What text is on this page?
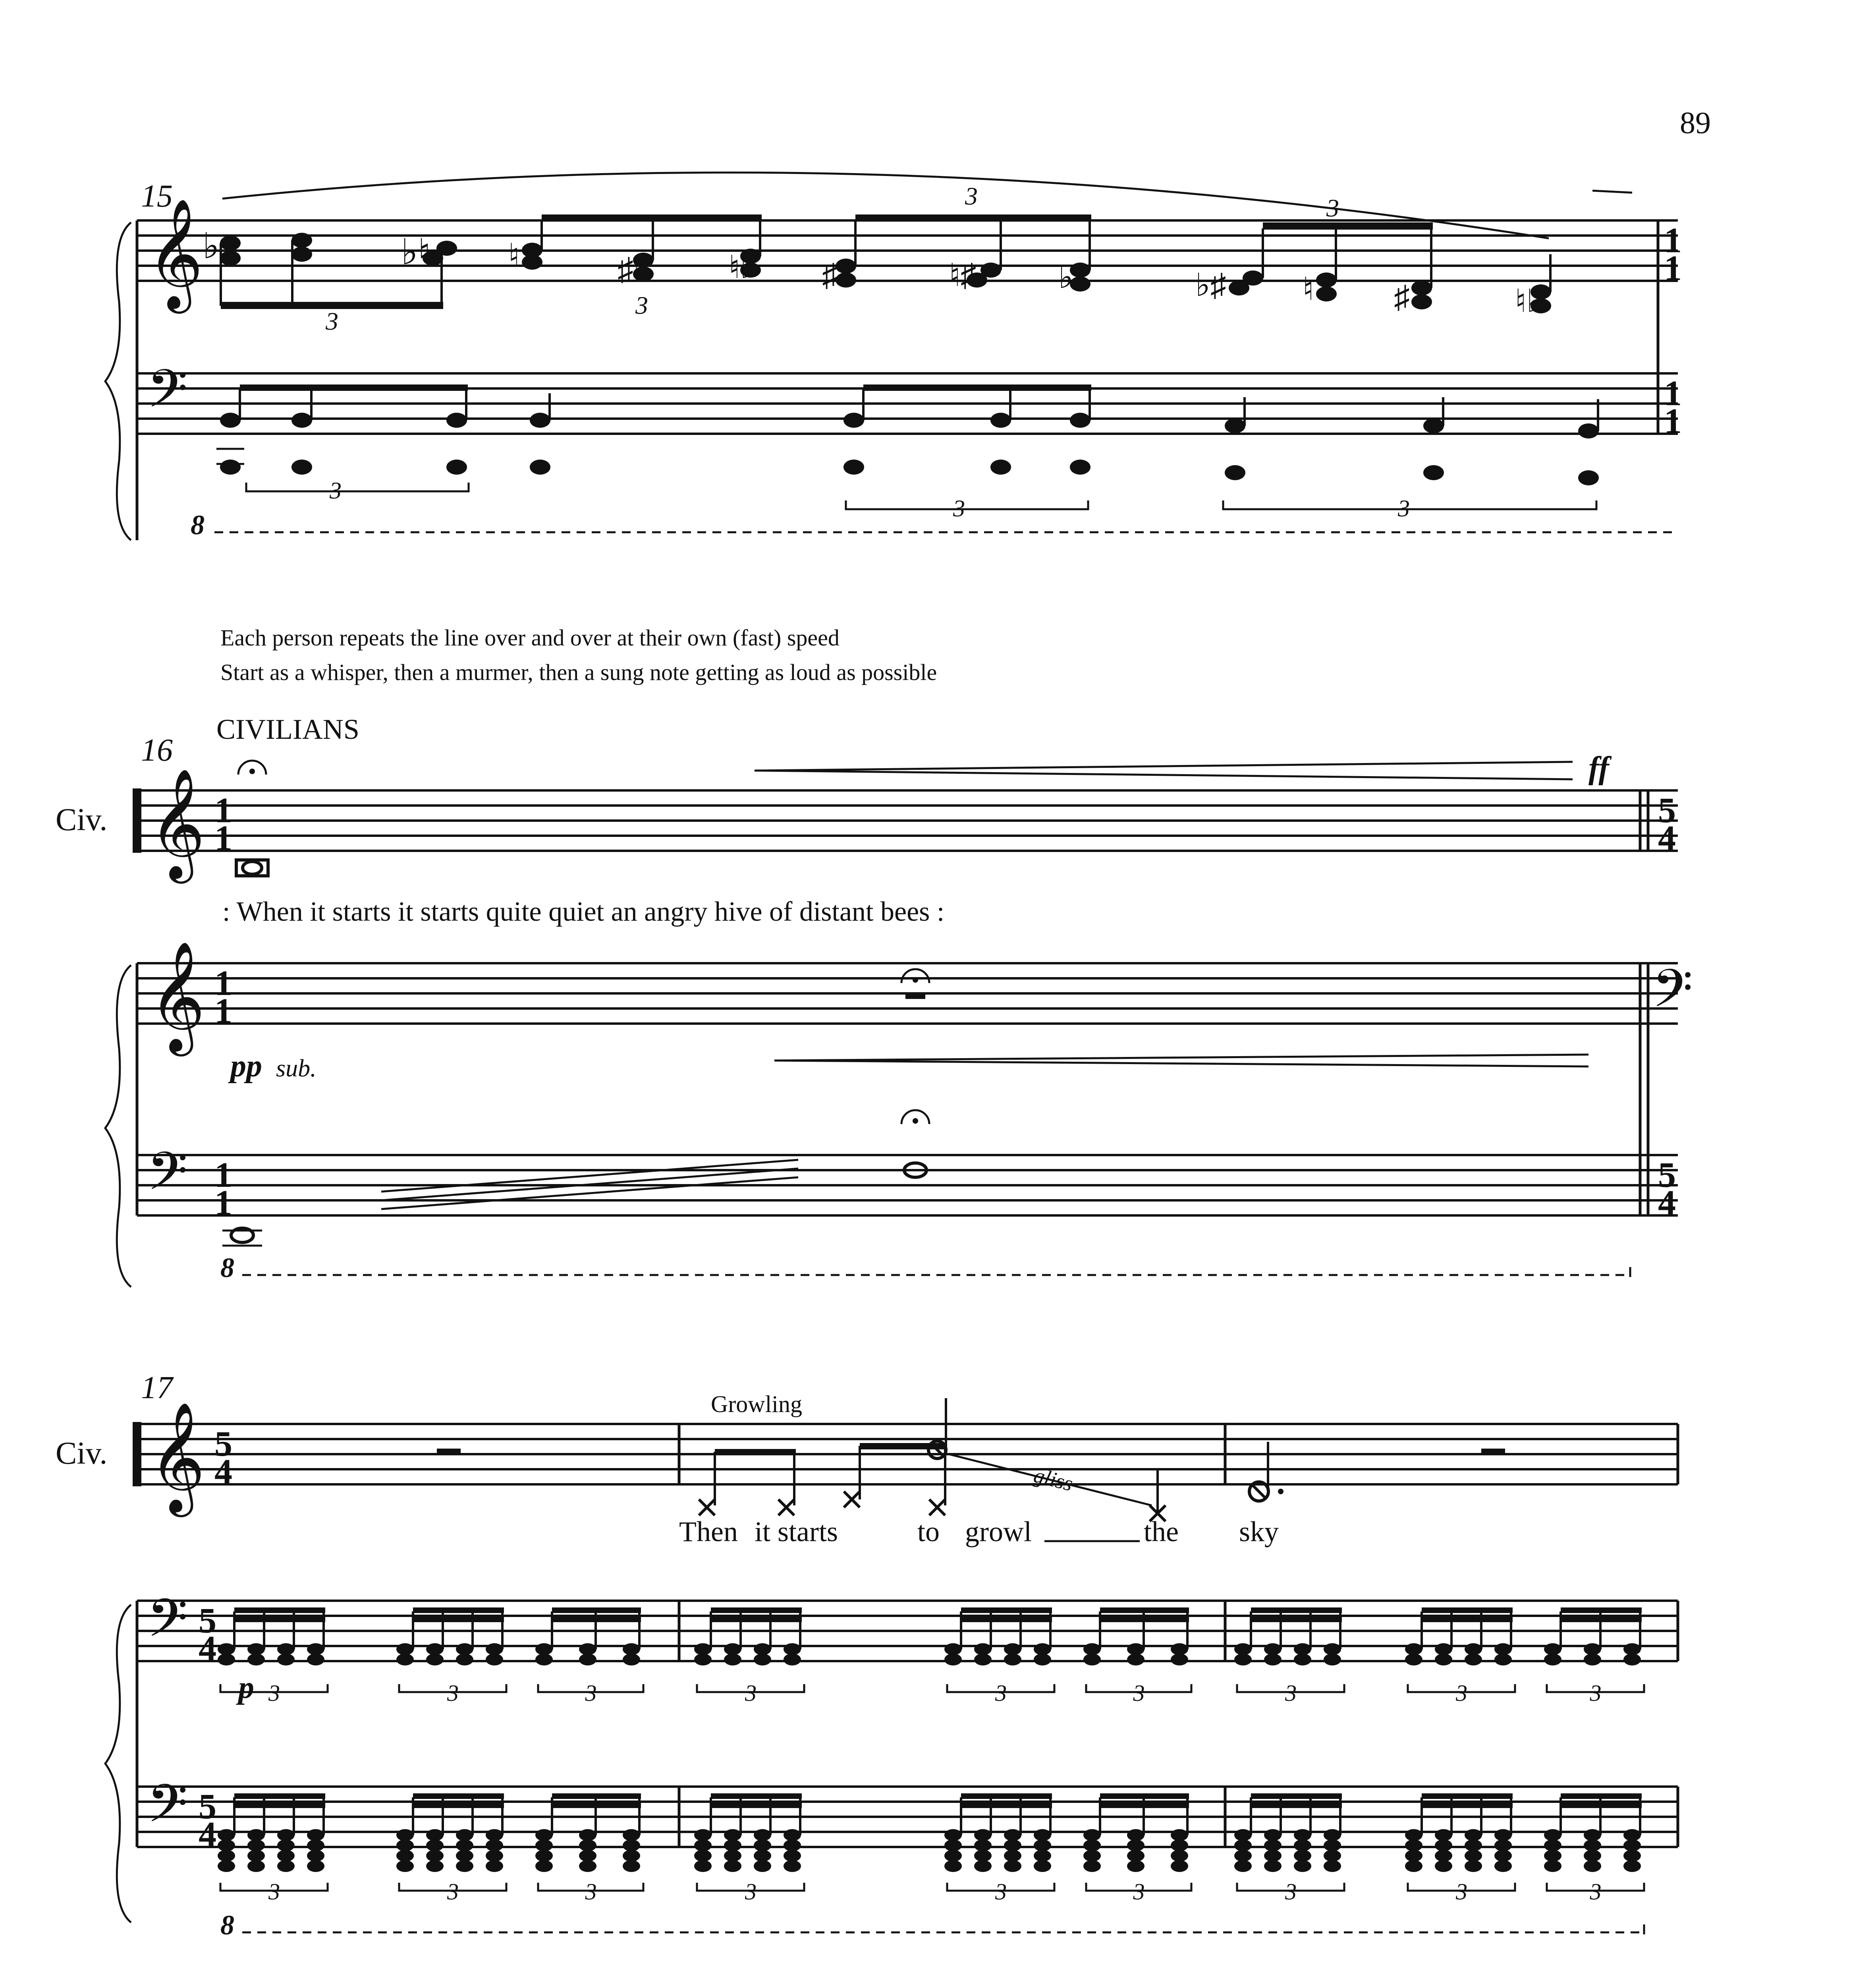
89
15
𝄞
𝄢
♭	♭♮ ♮	♯♮	♮♭ ♯	♮♯	♭	♭♯ ♮	♯	♮♭
3
3
3	3
3
3	3
1
1
1
1
8
Each person repeats the line over and over at their own (fast) speed
Start as a whisper, then a murmer, then a sung note getting as loud as possible
CIVILIANS
16
Civ. 𝄞 1
1
ff
5
4
: When it starts it starts quite quiet an angry hive of distant bees :
𝄞 1
1	𝄢
𝄢 1
1
pp sub.
5
4
8
17
Civ. 𝄞 5
4
Growling
gliss
Then it starts	to growl	the sky
𝄢 5
4
p 3	3	3	3	3	3	3	3	3
𝄢 5
4
3	3	3	3	3	3	3	3	3
8
